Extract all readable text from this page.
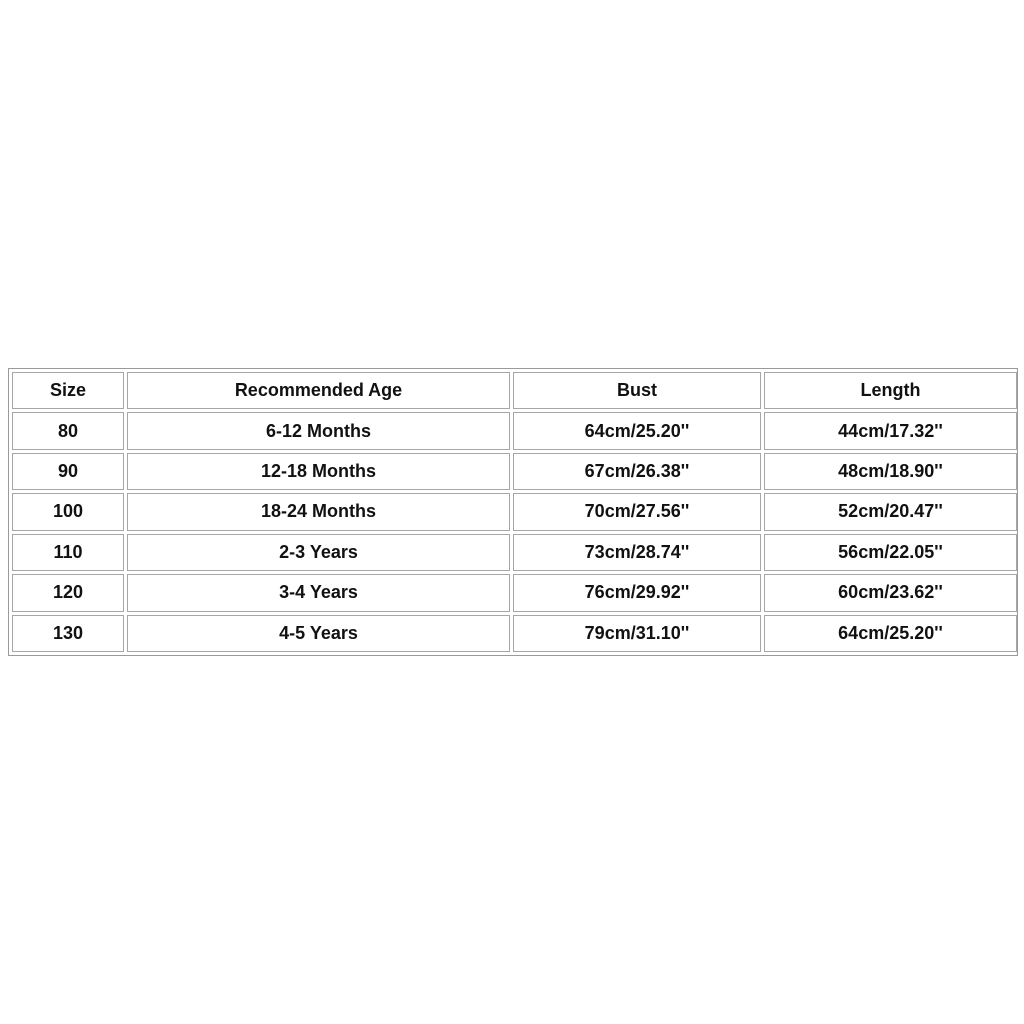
Size	Recommended Age	Bust	Length
80	6-12 Months	64cm/25.20''	44cm/17.32''
90	12-18 Months	67cm/26.38''	48cm/18.90''
100	18-24 Months	70cm/27.56''	52cm/20.47''
110	2-3 Years	73cm/28.74''	56cm/22.05''
120	3-4 Years	76cm/29.92''	60cm/23.62''
130	4-5 Years	79cm/31.10''	64cm/25.20''
